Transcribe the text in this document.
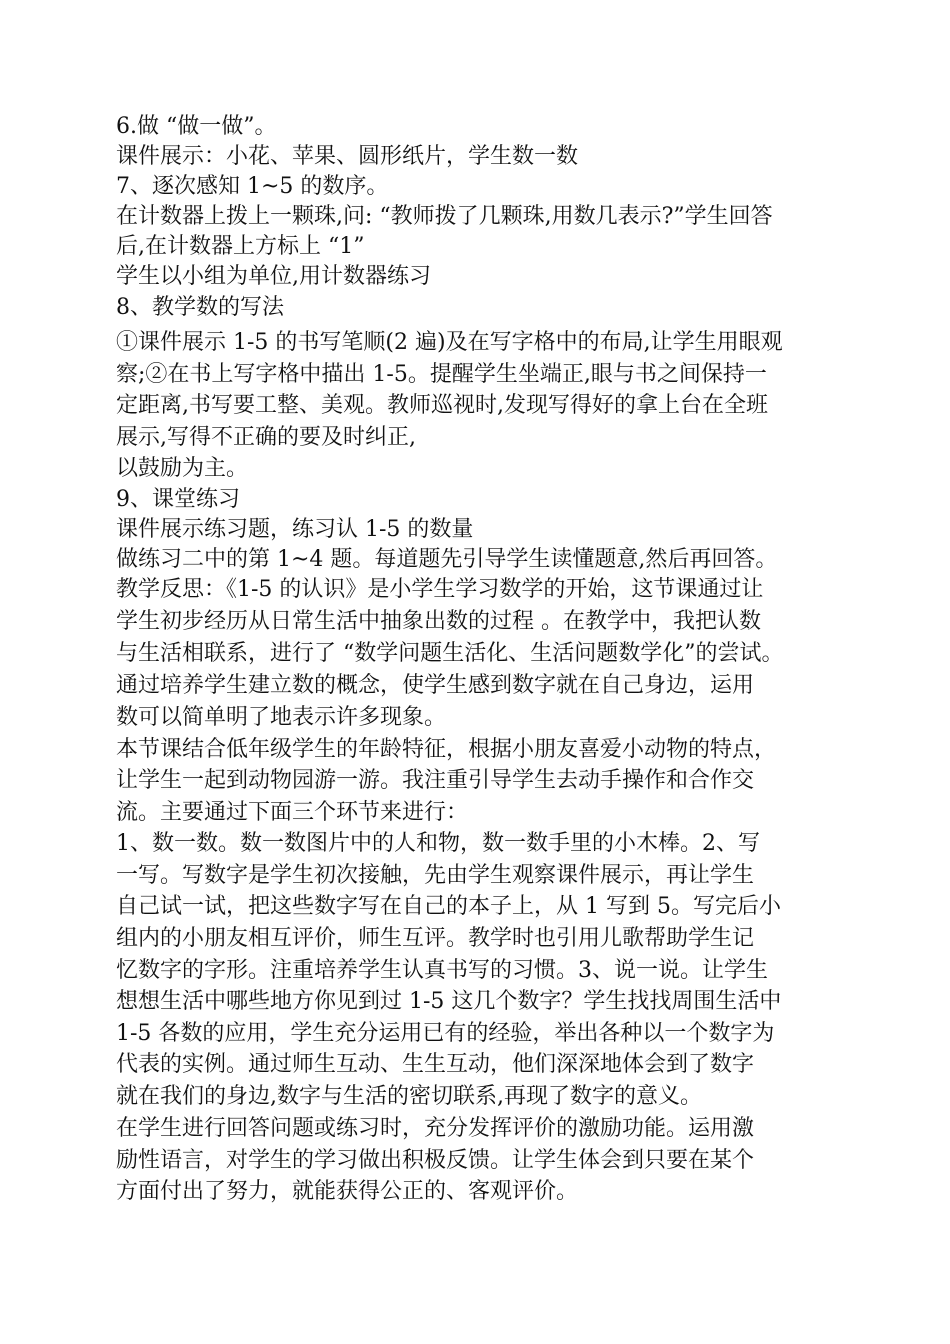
6.做 “做一做”。
课件展示：小花、苹果、圆形纸片，学生数一数
7、逐次感知 1~5 的数序。
在计数器上拨上一颗珠,问: “教师拨了几颗珠,用数几表示?”学生回答
后,在计数器上方标上 “1”
学生以小组为单位,用计数器练习
8、教学数的写法
①课件展示 1-5 的书写笔顺(2 遍)及在写字格中的布局,让学生用眼观
察;②在书上写字格中描出 1-5。提醒学生坐端正,眼与书之间保持一
定距离,书写要工整、美观。教师巡视时,发现写得好的拿上台在全班
展示,写得不正确的要及时纠正,
以鼓励为主。
9、课堂练习
课件展示练习题，练习认 1-5 的数量
做练习二中的第 1~4 题。每道题先引导学生读懂题意,然后再回答。
教学反思：《1-5 的认识》是小学生学习数学的开始，这节课通过让
学生初步经历从日常生活中抽象出数的过程 。在教学中，我把认数
与生活相联系，进行了 “数学问题生活化、生活问题数学化”的尝试。
通过培养学生建立数的概念，使学生感到数字就在自己身边，运用
数可以简单明了地表示许多现象。
本节课结合低年级学生的年龄特征，根据小朋友喜爱小动物的特点，
让学生一起到动物园游一游。我注重引导学生去动手操作和合作交
流。主要通过下面三个环节来进行：
1、数一数。数一数图片中的人和物，数一数手里的小木棒。2、写
一写。写数字是学生初次接触，先由学生观察课件展示，再让学生
自己试一试，把这些数字写在自己的本子上，从 1 写到 5。写完后小
组内的小朋友相互评价，师生互评。教学时也引用儿歌帮助学生记
忆数字的字形。注重培养学生认真书写的习惯。3、说一说。让学生
想想生活中哪些地方你见到过 1-5 这几个数字？学生找找周围生活中
1-5 各数的应用，学生充分运用已有的经验，举出各种以一个数字为
代表的实例。通过师生互动、生生互动，他们深深地体会到了数字
就在我们的身边,数字与生活的密切联系,再现了数字的意义。
在学生进行回答问题或练习时，充分发挥评价的激励功能。运用激
励性语言，对学生的学习做出积极反馈。让学生体会到只要在某个
方面付出了努力，就能获得公正的、客观评价。
